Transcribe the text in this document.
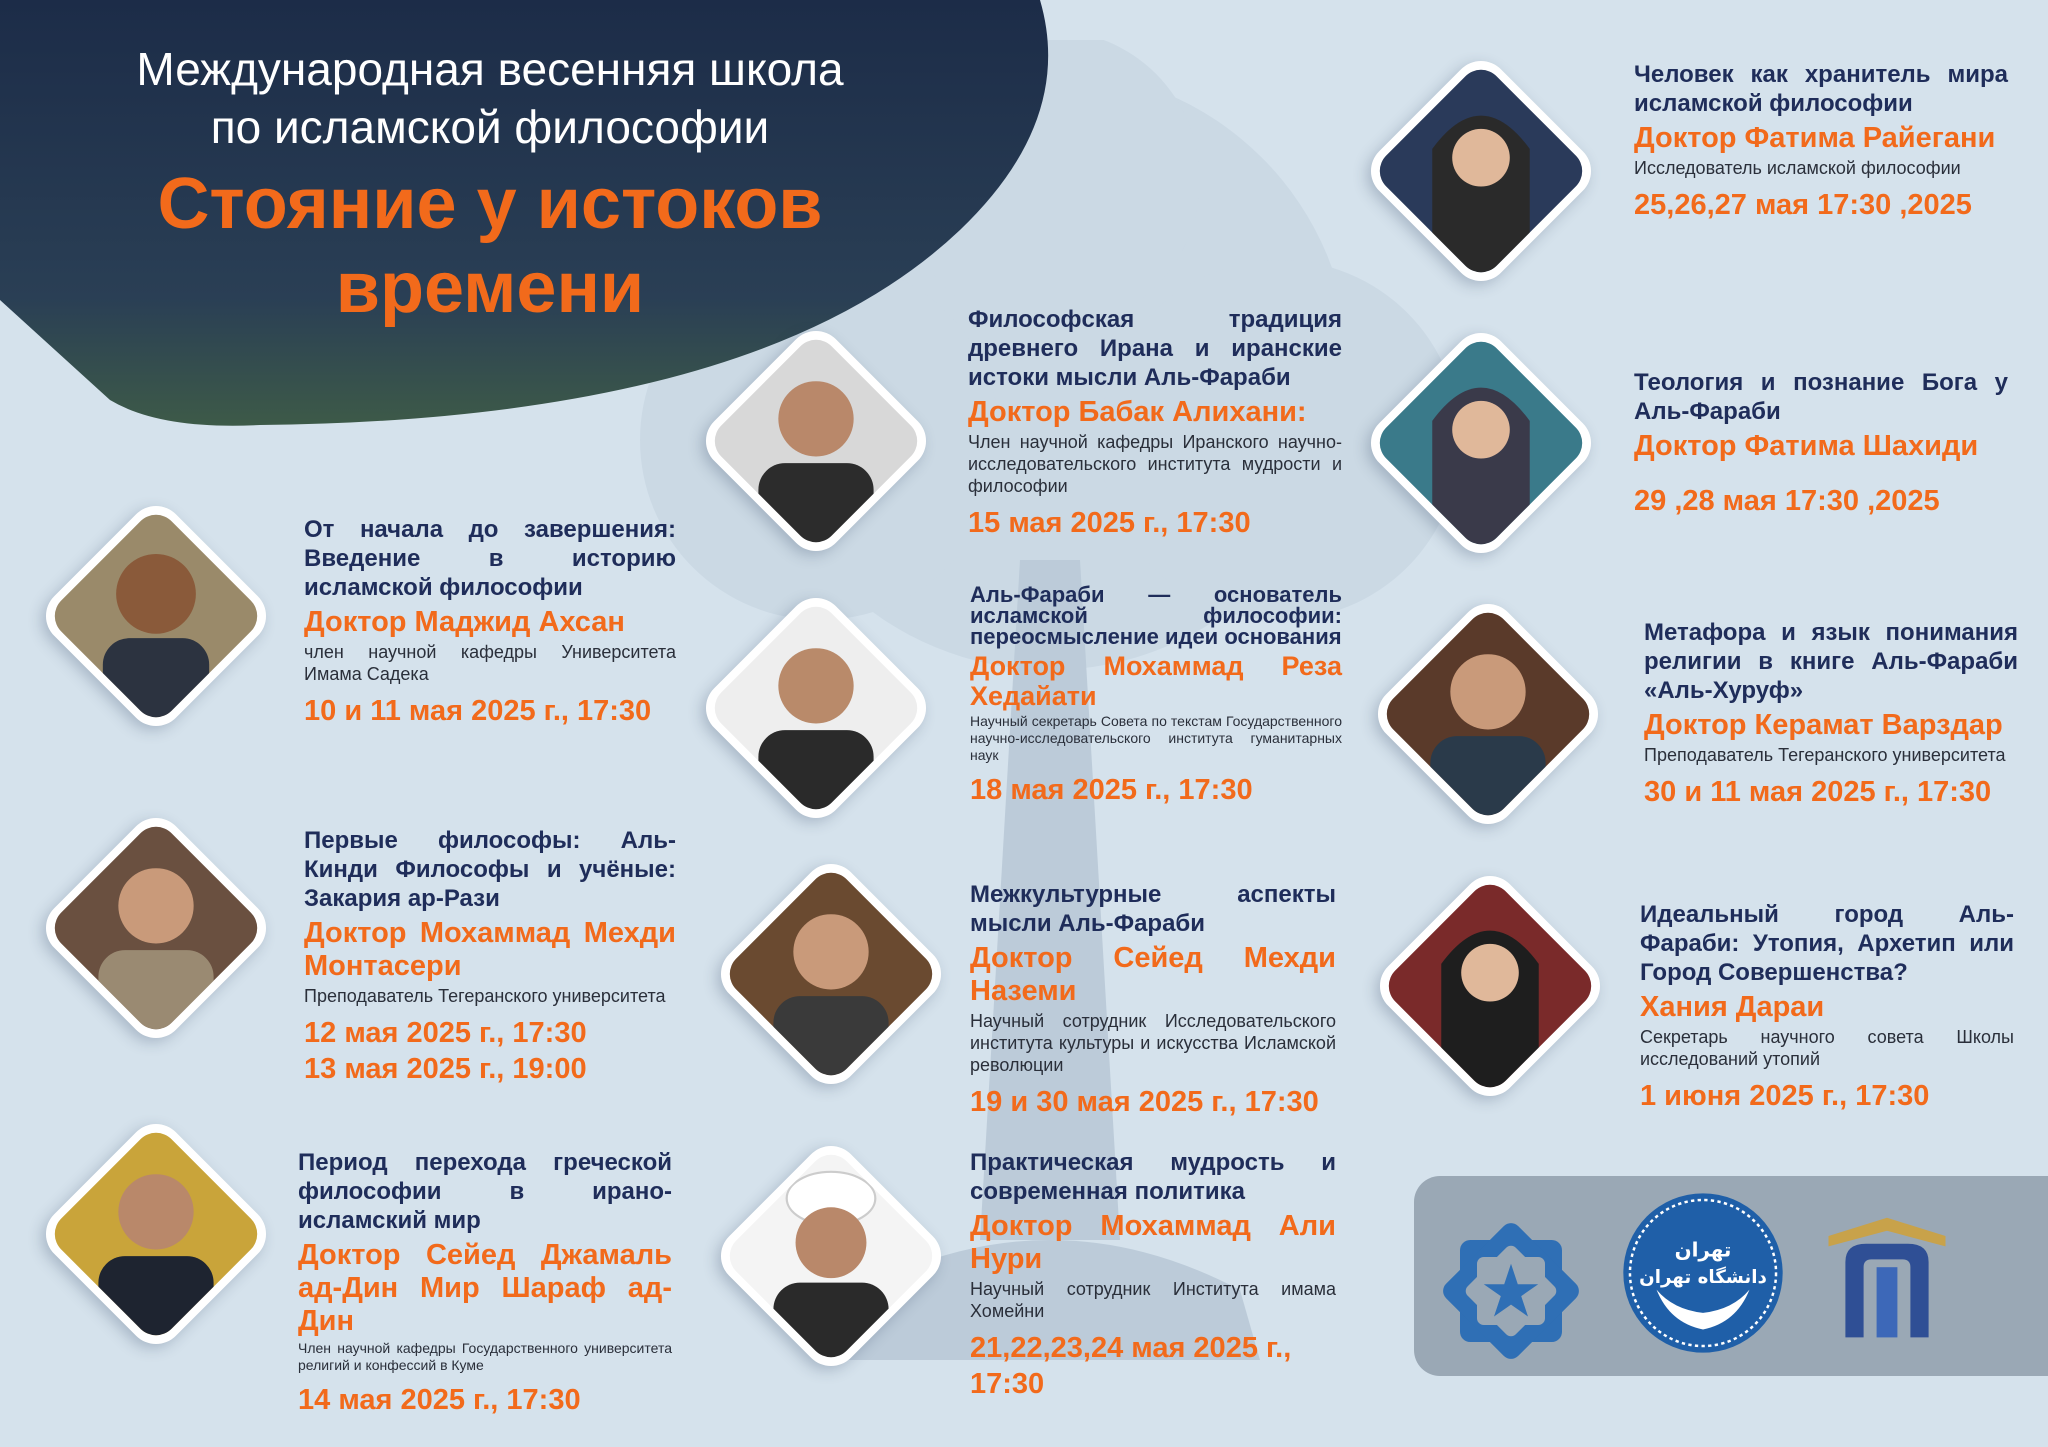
Международная весенняя школа

по исламской философии

Стояние у истоков

времени

От начала до завершения: Введение в историю исламской философии

Доктор Маджид Ахсан

член научной кафедры Университета Имама Садека

10 и 11 мая 2025 г., 17:30

Первые философы: Аль-Кинди Философы и учёные: Закария ар-Рази

Доктор Мохаммад Мехди Монтасери

Преподаватель Тегеранского университета

12 мая 2025 г., 17:30

13 мая 2025 г., 19:00

Период перехода греческой философии в ирано-исламский мир

Доктор Сейед Джамаль ад-Дин Мир Шараф ад-Дин

Член научной кафедры Государственного университета религий и конфессий в Куме

14 мая 2025 г., 17:30

Философская традиция древнего Ирана и иранские истоки мысли Аль-Фараби

Доктор Бабак Алихани:

Член научной кафедры Иранского научно-исследовательского института мудрости и философии

15 мая 2025 г., 17:30

Аль-Фараби — основатель исламской философии: переосмысление идеи основания

Доктор Мохаммад Реза Хедайати

Научный секретарь Совета по текстам Государственного научно-исследовательского института гуманитарных наук

18 мая 2025 г., 17:30

Межкультурные аспекты мысли Аль-Фараби

Доктор Сейед Мехди Наземи

Научный сотрудник Исследовательского института культуры и искусства Исламской революции

19 и 30 мая 2025 г., 17:30

Практическая мудрость и современная политика

Доктор Мохаммад Али Нури

Научный сотрудник Института имама Хомейни

21,22,23,24 мая 2025 г.,

17:30

Человек как хранитель мира исламской философии

Доктор Фатима Райегани

Исследователь исламской философии

25,26,27 мая 17:30 ,2025

Теология и познание Бога у Аль-Фараби

Доктор Фатима Шахиди

29 ,28 мая 17:30 ,2025

Метафора и язык понимания религии в книге Аль-Фараби «Аль-Хуруф»

Доктор Керамат Варздар

Преподаватель Тегеранского университета

30 и 11 мая 2025 г., 17:30

Идеальный город Аль-Фараби: Утопия, Архетип или Город Совершенства?

Хания Дараи

Секретарь научного совета Школы исследований утопий

1 июня 2025 г., 17:30

تهران
دانشگاه تهران
